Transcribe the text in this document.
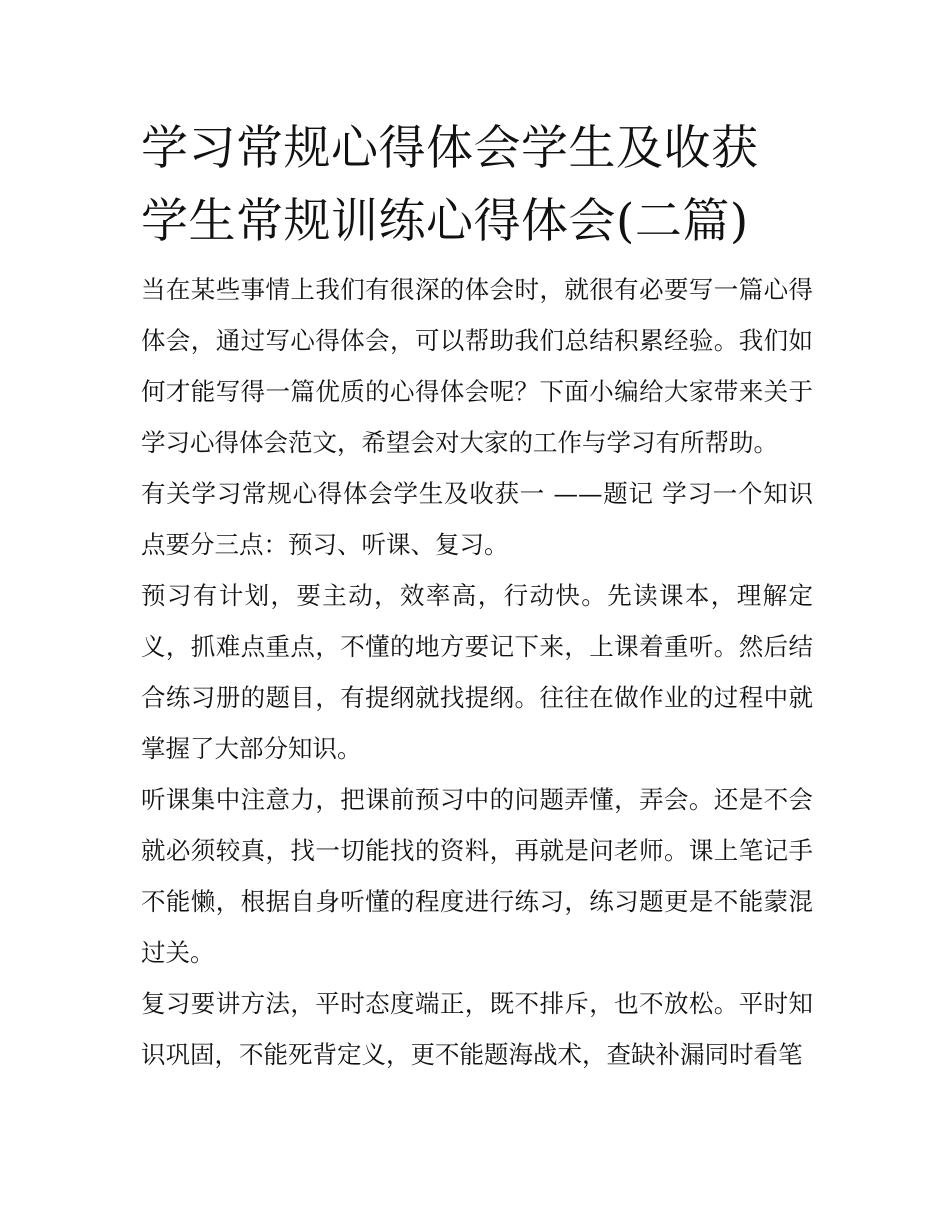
学习常规心得体会学生及收获
学生常规训练心得体会(二篇)

当在某些事情上我们有很深的体会时，就很有必要写一篇心得体会，通过写心得体会，可以帮助我们总结积累经验。我们如何才能写得一篇优质的心得体会呢？下面小编给大家带来关于学习心得体会范文，希望会对大家的工作与学习有所帮助。

有关学习常规心得体会学生及收获一 ——题记 学习一个知识点要分三点：预习、听课、复习。

预习有计划，要主动，效率高，行动快。先读课本，理解定义，抓难点重点，不懂的地方要记下来，上课着重听。然后结合练习册的题目，有提纲就找提纲。往往在做作业的过程中就掌握了大部分知识。

听课集中注意力，把课前预习中的问题弄懂，弄会。还是不会就必须较真，找一切能找的资料，再就是问老师。课上笔记手不能懒，根据自身听懂的程度进行练习，练习题更是不能蒙混过关。

复习要讲方法，平时态度端正，既不排斥，也不放松。平时知识巩固，不能死背定义，更不能题海战术，查缺补漏同时看笔
